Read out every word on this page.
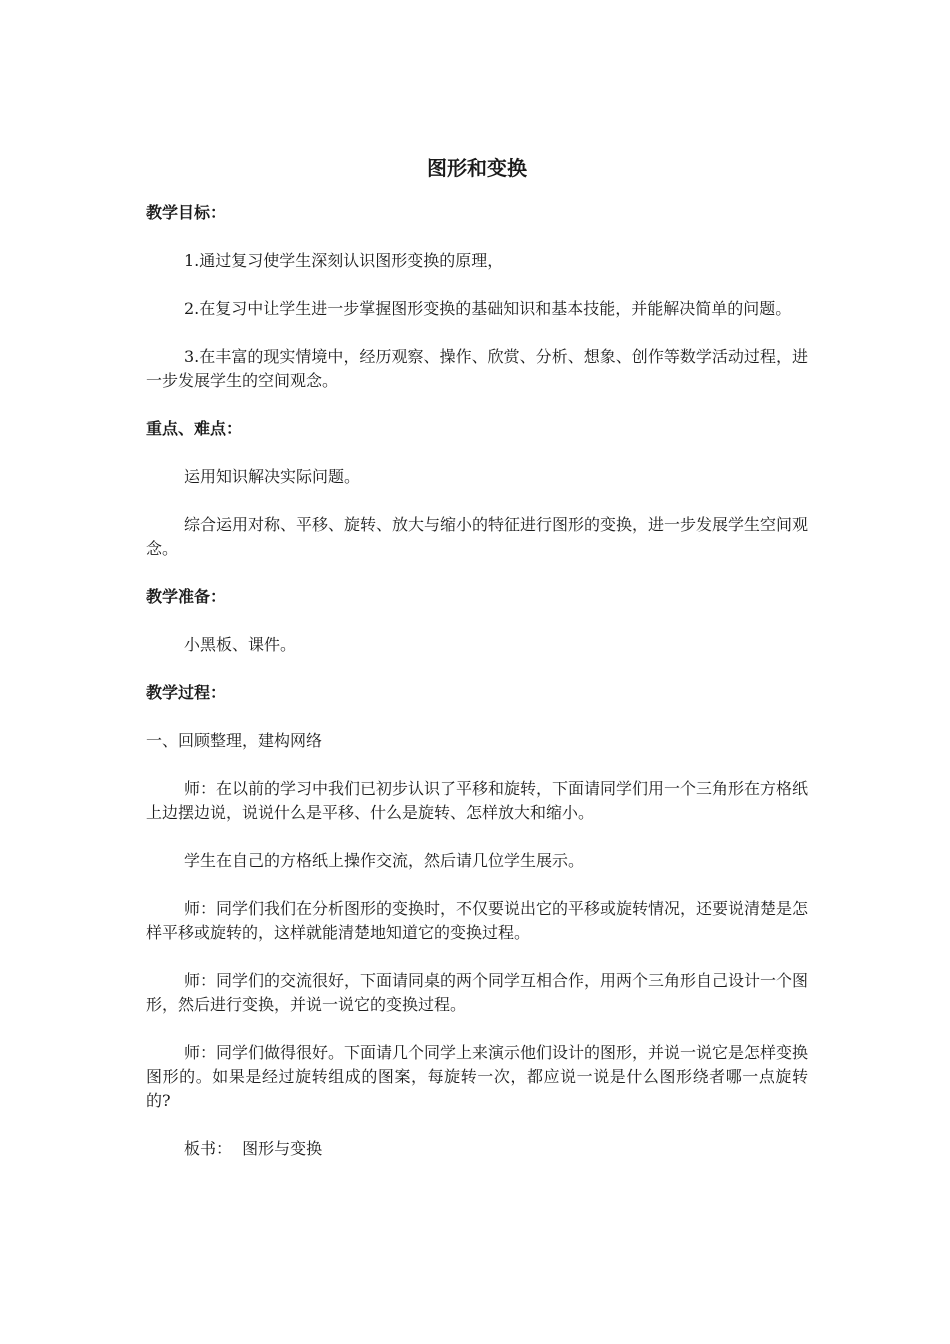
图形和变换
教学目标：

1.通过复习使学生深刻认识图形变换的原理，

2.在复习中让学生进一步掌握图形变换的基础知识和基本技能，并能解决简单的问题。

3.在丰富的现实情境中，经历观察、操作、欣赏、分析、想象、创作等数学活动过程，进一步发展学生的空间观念。

重点、难点：

运用知识解决实际问题。

综合运用对称、平移、旋转、放大与缩小的特征进行图形的变换，进一步发展学生空间观念。

教学准备：

小黑板、课件。

教学过程：

一、回顾整理，建构网络

师：在以前的学习中我们已初步认识了平移和旋转，下面请同学们用一个三角形在方格纸上边摆边说，说说什么是平移、什么是旋转、怎样放大和缩小。

学生在自己的方格纸上操作交流，然后请几位学生展示。

师：同学们我们在分析图形的变换时，不仅要说出它的平移或旋转情况，还要说清楚是怎样平移或旋转的，这样就能清楚地知道它的变换过程。

师：同学们的交流很好，下面请同桌的两个同学互相合作，用两个三角形自己设计一个图形，然后进行变换，并说一说它的变换过程。

师：同学们做得很好。下面请几个同学上来演示他们设计的图形，并说一说它是怎样变换图形的。如果是经过旋转组成的图案，每旋转一次，都应说一说是什么图形绕者哪一点旋转的?

板书：  图形与变换
